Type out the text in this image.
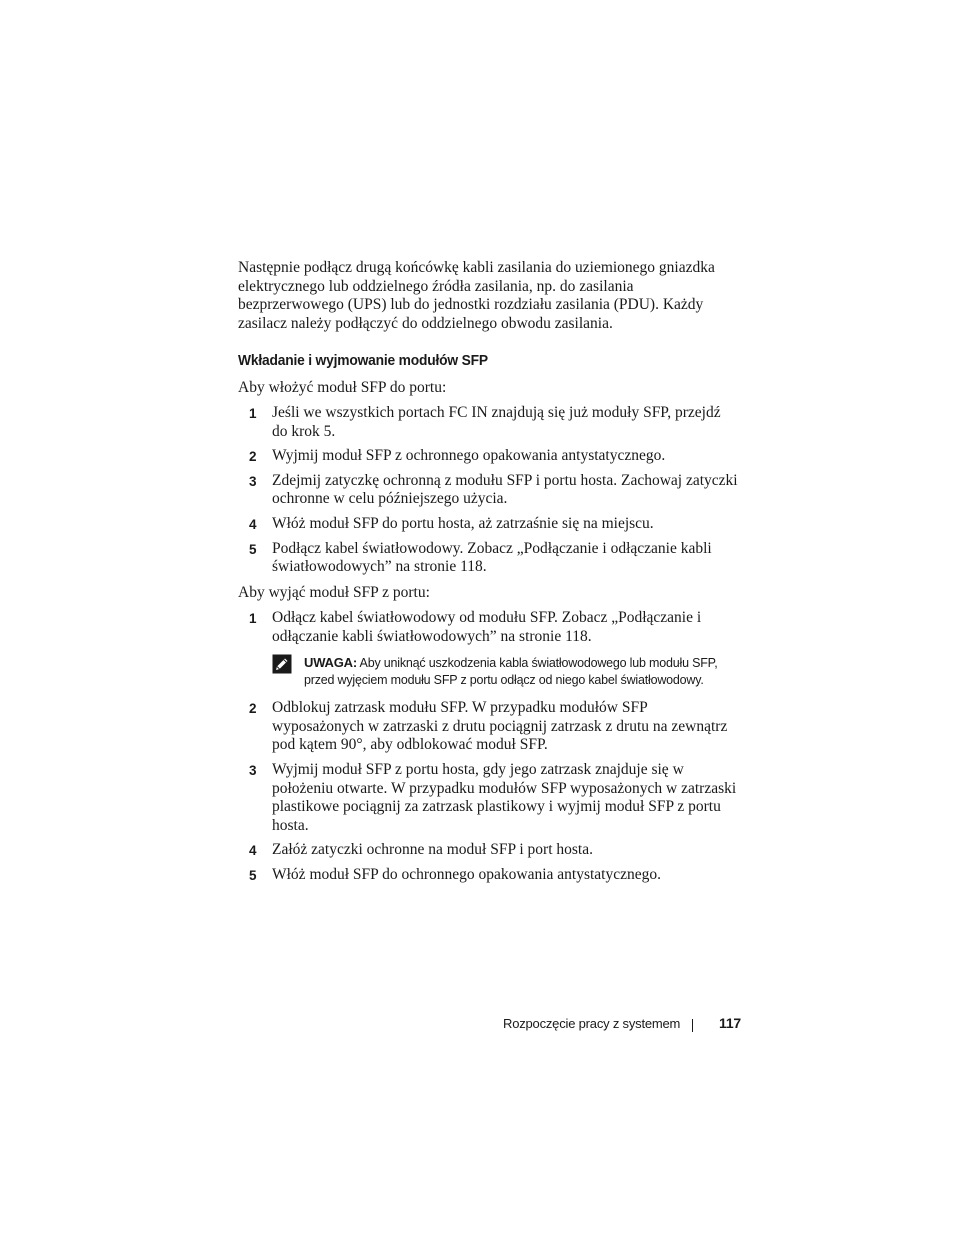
Następnie podłącz drugą końcówkę kabli zasilania do uziemionego gniazdka elektrycznego lub oddzielnego źródła zasilania, np. do zasilania bezprzerwowego (UPS) lub do jednostki rozdziału zasilania (PDU). Każdy zasilacz należy podłączyć do oddzielnego obwodu zasilania.

Wkładanie i wyjmowanie modułów SFP

Aby włożyć moduł SFP do portu:

1 Jeśli we wszystkich portach FC IN znajdują się już moduły SFP, przejdź do krok 5.
2 Wyjmij moduł SFP z ochronnego opakowania antystatycznego.
3 Zdejmij zatyczkę ochronną z modułu SFP i portu hosta. Zachowaj zatyczki ochronne w celu późniejszego użycia.
4 Włóż moduł SFP do portu hosta, aż zatrzaśnie się na miejscu.
5 Podłącz kabel światłowodowy. Zobacz „Podłączanie i odłączanie kabli światłowodowych” na stronie 118.

Aby wyjąć moduł SFP z portu:

1 Odłącz kabel światłowodowy od modułu SFP. Zobacz „Podłączanie i odłączanie kabli światłowodowych” na stronie 118.
UWAGA: Aby uniknąć uszkodzenia kabla światłowodowego lub modułu SFP, przed wyjęciem modułu SFP z portu odłącz od niego kabel światłowodowy.
2 Odblokuj zatrzask modułu SFP. W przypadku modułów SFP wyposażonych w zatrzaski z drutu pociągnij zatrzask z drutu na zewnątrz pod kątem 90°, aby odblokować moduł SFP.
3 Wyjmij moduł SFP z portu hosta, gdy jego zatrzask znajduje się w położeniu otwarte. W przypadku modułów SFP wyposażonych w zatrzaski plastikowe pociągnij za zatrzask plastikowy i wyjmij moduł SFP z portu hosta.
4 Załóż zatyczki ochronne na moduł SFP i port hosta.
5 Włóż moduł SFP do ochronnego opakowania antystatycznego.
Rozpoczęcie pracy z systemem	117
